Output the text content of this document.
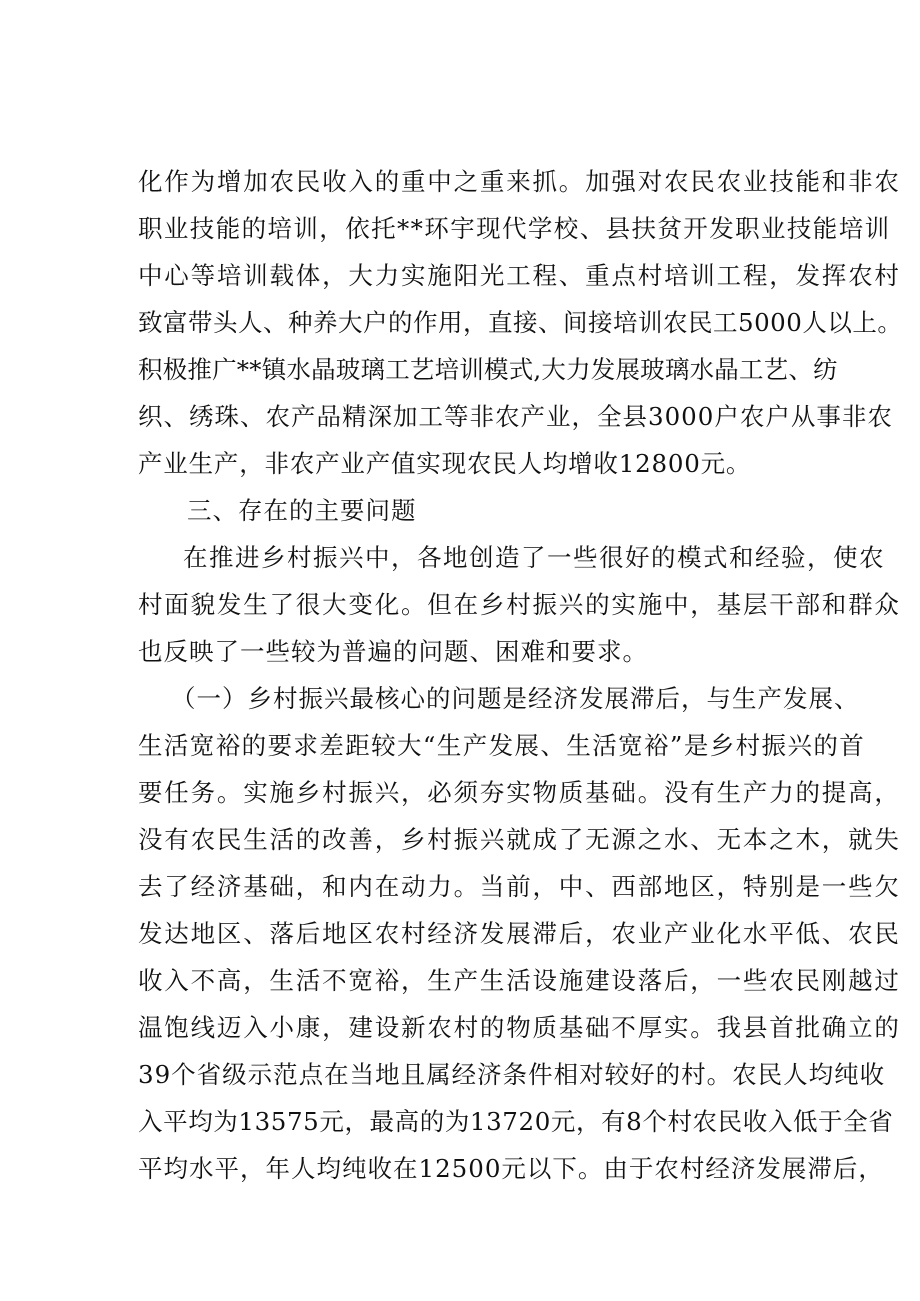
化作为增加农民收入的重中之重来抓。加强对农民农业技能和非农
职业技能的培训，依托**环宇现代学校、县扶贫开发职业技能培训
中心等培训载体，大力实施阳光工程、重点村培训工程，发挥农村
致富带头人、种养大户的作用，直接、间接培训农民工5000人以上。
积极推广**镇水晶玻璃工艺培训模式,大力发展玻璃水晶工艺、纺
织、绣珠、农产品精深加工等非农产业，全县3000户农户从事非农
产业生产，非农产业产值实现农民人均增收12800元。
三、存在的主要问题
在推进乡村振兴中，各地创造了一些很好的模式和经验，使农
村面貌发生了很大变化。但在乡村振兴的实施中，基层干部和群众
也反映了一些较为普遍的问题、困难和要求。
（一）乡村振兴最核心的问题是经济发展滞后，与生产发展、
生活宽裕的要求差距较大“生产发展、生活宽裕”是乡村振兴的首
要任务。实施乡村振兴，必须夯实物质基础。没有生产力的提高，
没有农民生活的改善，乡村振兴就成了无源之水、无本之木，就失
去了经济基础，和内在动力。当前，中、西部地区，特别是一些欠
发达地区、落后地区农村经济发展滞后，农业产业化水平低、农民
收入不高，生活不宽裕，生产生活设施建设落后，一些农民刚越过
温饱线迈入小康，建设新农村的物质基础不厚实。我县首批确立的
39个省级示范点在当地且属经济条件相对较好的村。农民人均纯收
入平均为13575元，最高的为13720元，有8个村农民收入低于全省
平均水平，年人均纯收在12500元以下。由于农村经济发展滞后，
